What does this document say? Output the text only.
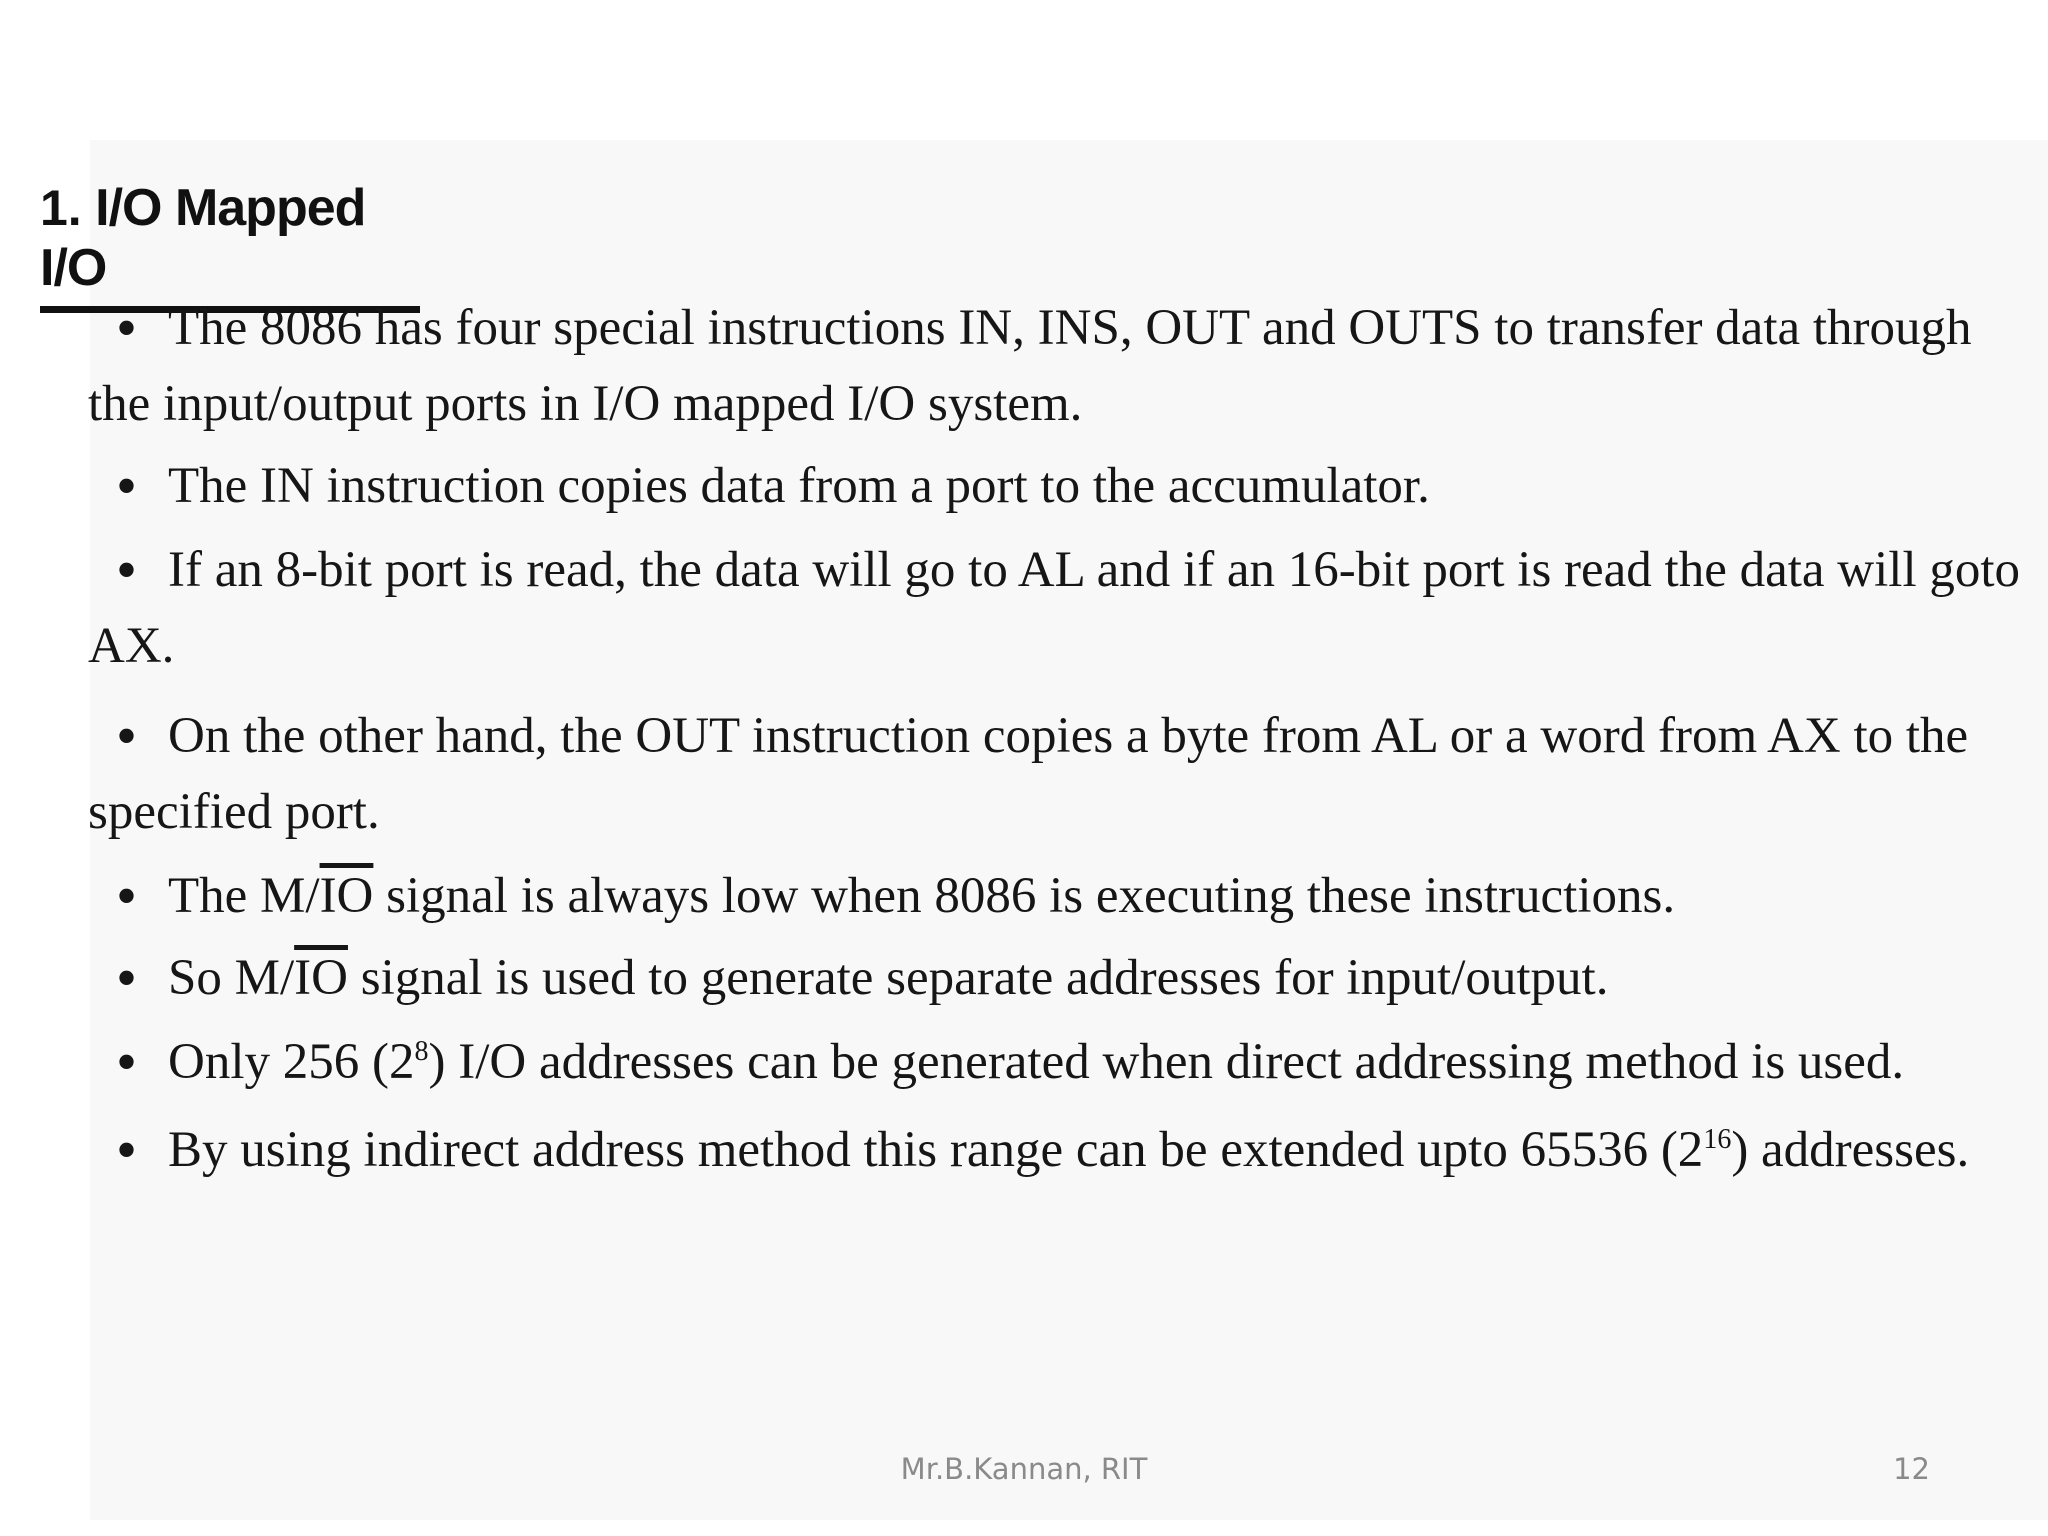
1. I/O Mapped I/O
• The 8086 has four special instructions IN, INS, OUT and OUTS to transfer data through the input/output ports in I/O mapped I/O system.
• The IN instruction copies data from a port to the accumulator.
• If an 8-bit port is read, the data will go to AL and if an 16-bit port is read the data will goto AX.
• On the other hand, the OUT instruction copies a byte from AL or a word from AX to the specified port.
• The $M/\overline{IO}$ signal is always low when 8086 is executing these instructions.
• So $M/\overline{IO}$ signal is used to generate separate addresses for input/output.
• Only 256 $(2^8)$ I/O addresses can be generated when direct addressing method is used.
• By using indirect address method this range can be extended upto 65536 $(2^{16})$ addresses.
Mr.B.Kannan, RIT	12
